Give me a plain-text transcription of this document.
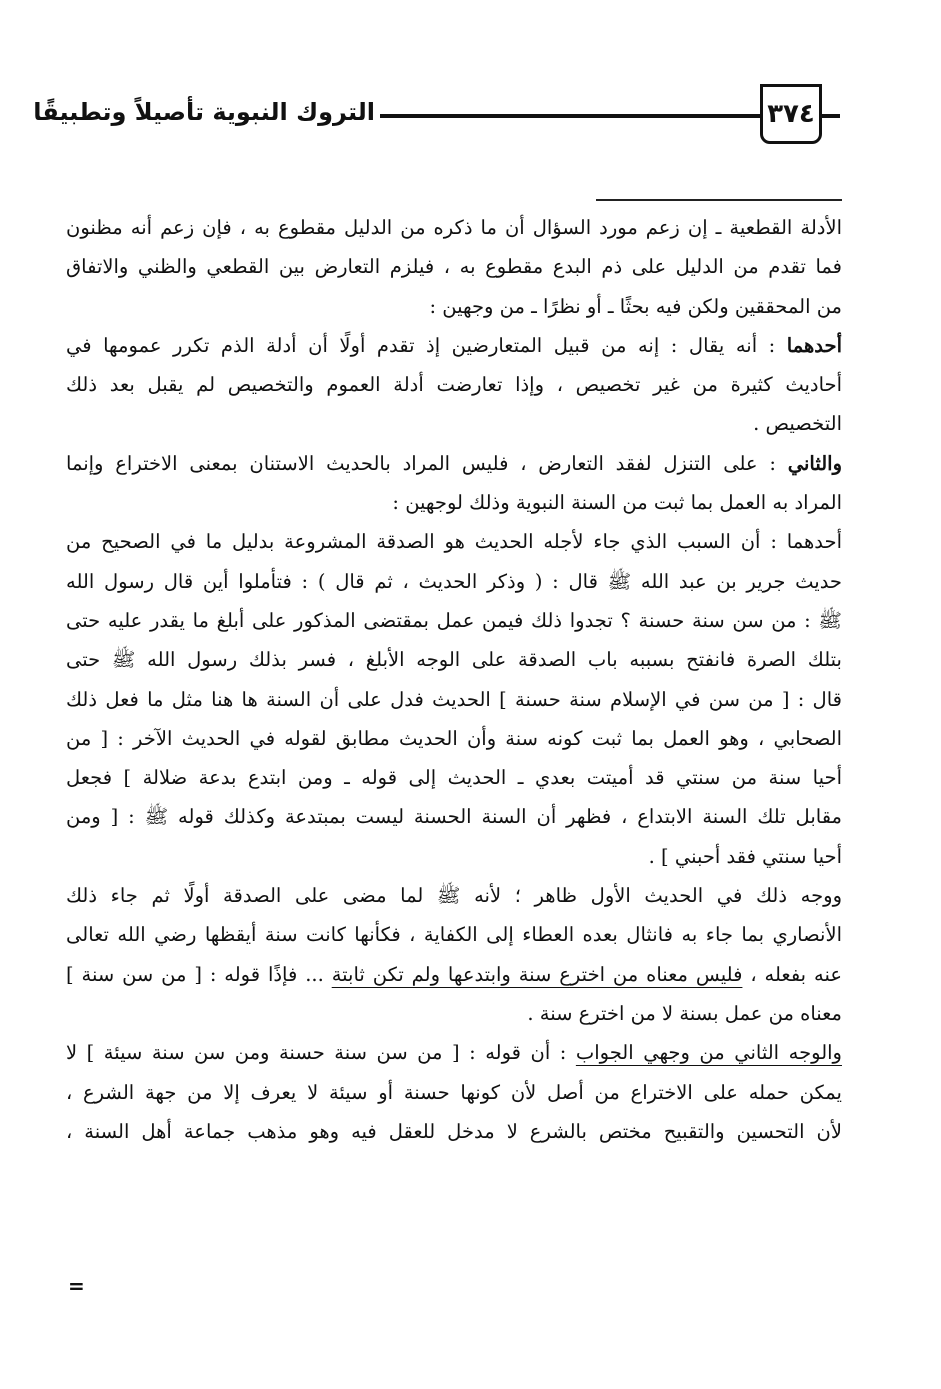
التروك النبوية تأصيلاً وتطبيقًا	٣٧٤
الأدلة القطعية ـ إن زعم مورد السؤال أن ما ذكره من الدليل مقطوع به ، فإن زعم أنه مظنون
فما تقدم من الدليل على ذم البدع مقطوع به ، فيلزم التعارض بين القطعي والظني والاتفاق
من المحققين ولكن فيه بحثًا ـ أو نظرًا ـ من وجهين :
أحدهما : أنه يقال : إنه من قبيل المتعارضين إذ تقدم أولًا أن أدلة الذم تكرر عمومها في
أحاديث كثيرة من غير تخصيص ، وإذا تعارضت أدلة العموم والتخصيص لم يقبل بعد ذلك
التخصيص .
والثاني : على التنزل لفقد التعارض ، فليس المراد بالحديث الاستنان بمعنى الاختراع وإنما
المراد به العمل بما ثبت من السنة النبوية وذلك لوجهين :
أحدهما : أن السبب الذي جاء لأجله الحديث هو الصدقة المشروعة بدليل ما في الصحيح من
حديث جرير بن عبد الله ﷺ قال : ( وذكر الحديث ، ثم قال ) : فتأملوا أين قال رسول الله
ﷺ : من سن سنة حسنة ؟ تجدوا ذلك فيمن عمل بمقتضى المذكور على أبلغ ما يقدر عليه حتى
بتلك الصرة فانفتح بسببه باب الصدقة على الوجه الأبلغ ، فسر بذلك رسول الله ﷺ حتى
قال : [ من سن في الإسلام سنة حسنة ] الحديث فدل على أن السنة ها هنا مثل ما فعل ذلك
الصحابي ، وهو العمل بما ثبت كونه سنة وأن الحديث مطابق لقوله في الحديث الآخر : [ من
أحيا سنة من سنتي قد أميتت بعدي ـ الحديث إلى قوله ـ ومن ابتدع بدعة ضلالة ] فجعل
مقابل تلك السنة الابتداع ، فظهر أن السنة الحسنة ليست بمبتدعة وكذلك قوله ﷺ : [ ومن
أحيا سنتي فقد أحبني ] .
ووجه ذلك في الحديث الأول ظاهر ؛ لأنه ﷺ لما مضى على الصدقة أولًا ثم جاء ذلك
الأنصاري بما جاء به فانثال بعده العطاء إلى الكفاية ، فكأنها كانت سنة أيقظها رضي الله تعالى
عنه بفعله ، فليس معناه من اخترع سنة وابتدعها ولم تكن ثابتة ... فإذًا قوله : [ من سن سنة ]
معناه من عمل بسنة لا من اخترع سنة .
والوجه الثاني من وجهي الجواب : أن قوله : [ من سن سنة حسنة ومن سن سنة سيئة ] لا
يمكن حمله على الاختراع من أصل لأن كونها حسنة أو سيئة لا يعرف إلا من جهة الشرع ،
لأن التحسين والتقبيح مختص بالشرع لا مدخل للعقل فيه وهو مذهب جماعة أهل السنة ،
=
